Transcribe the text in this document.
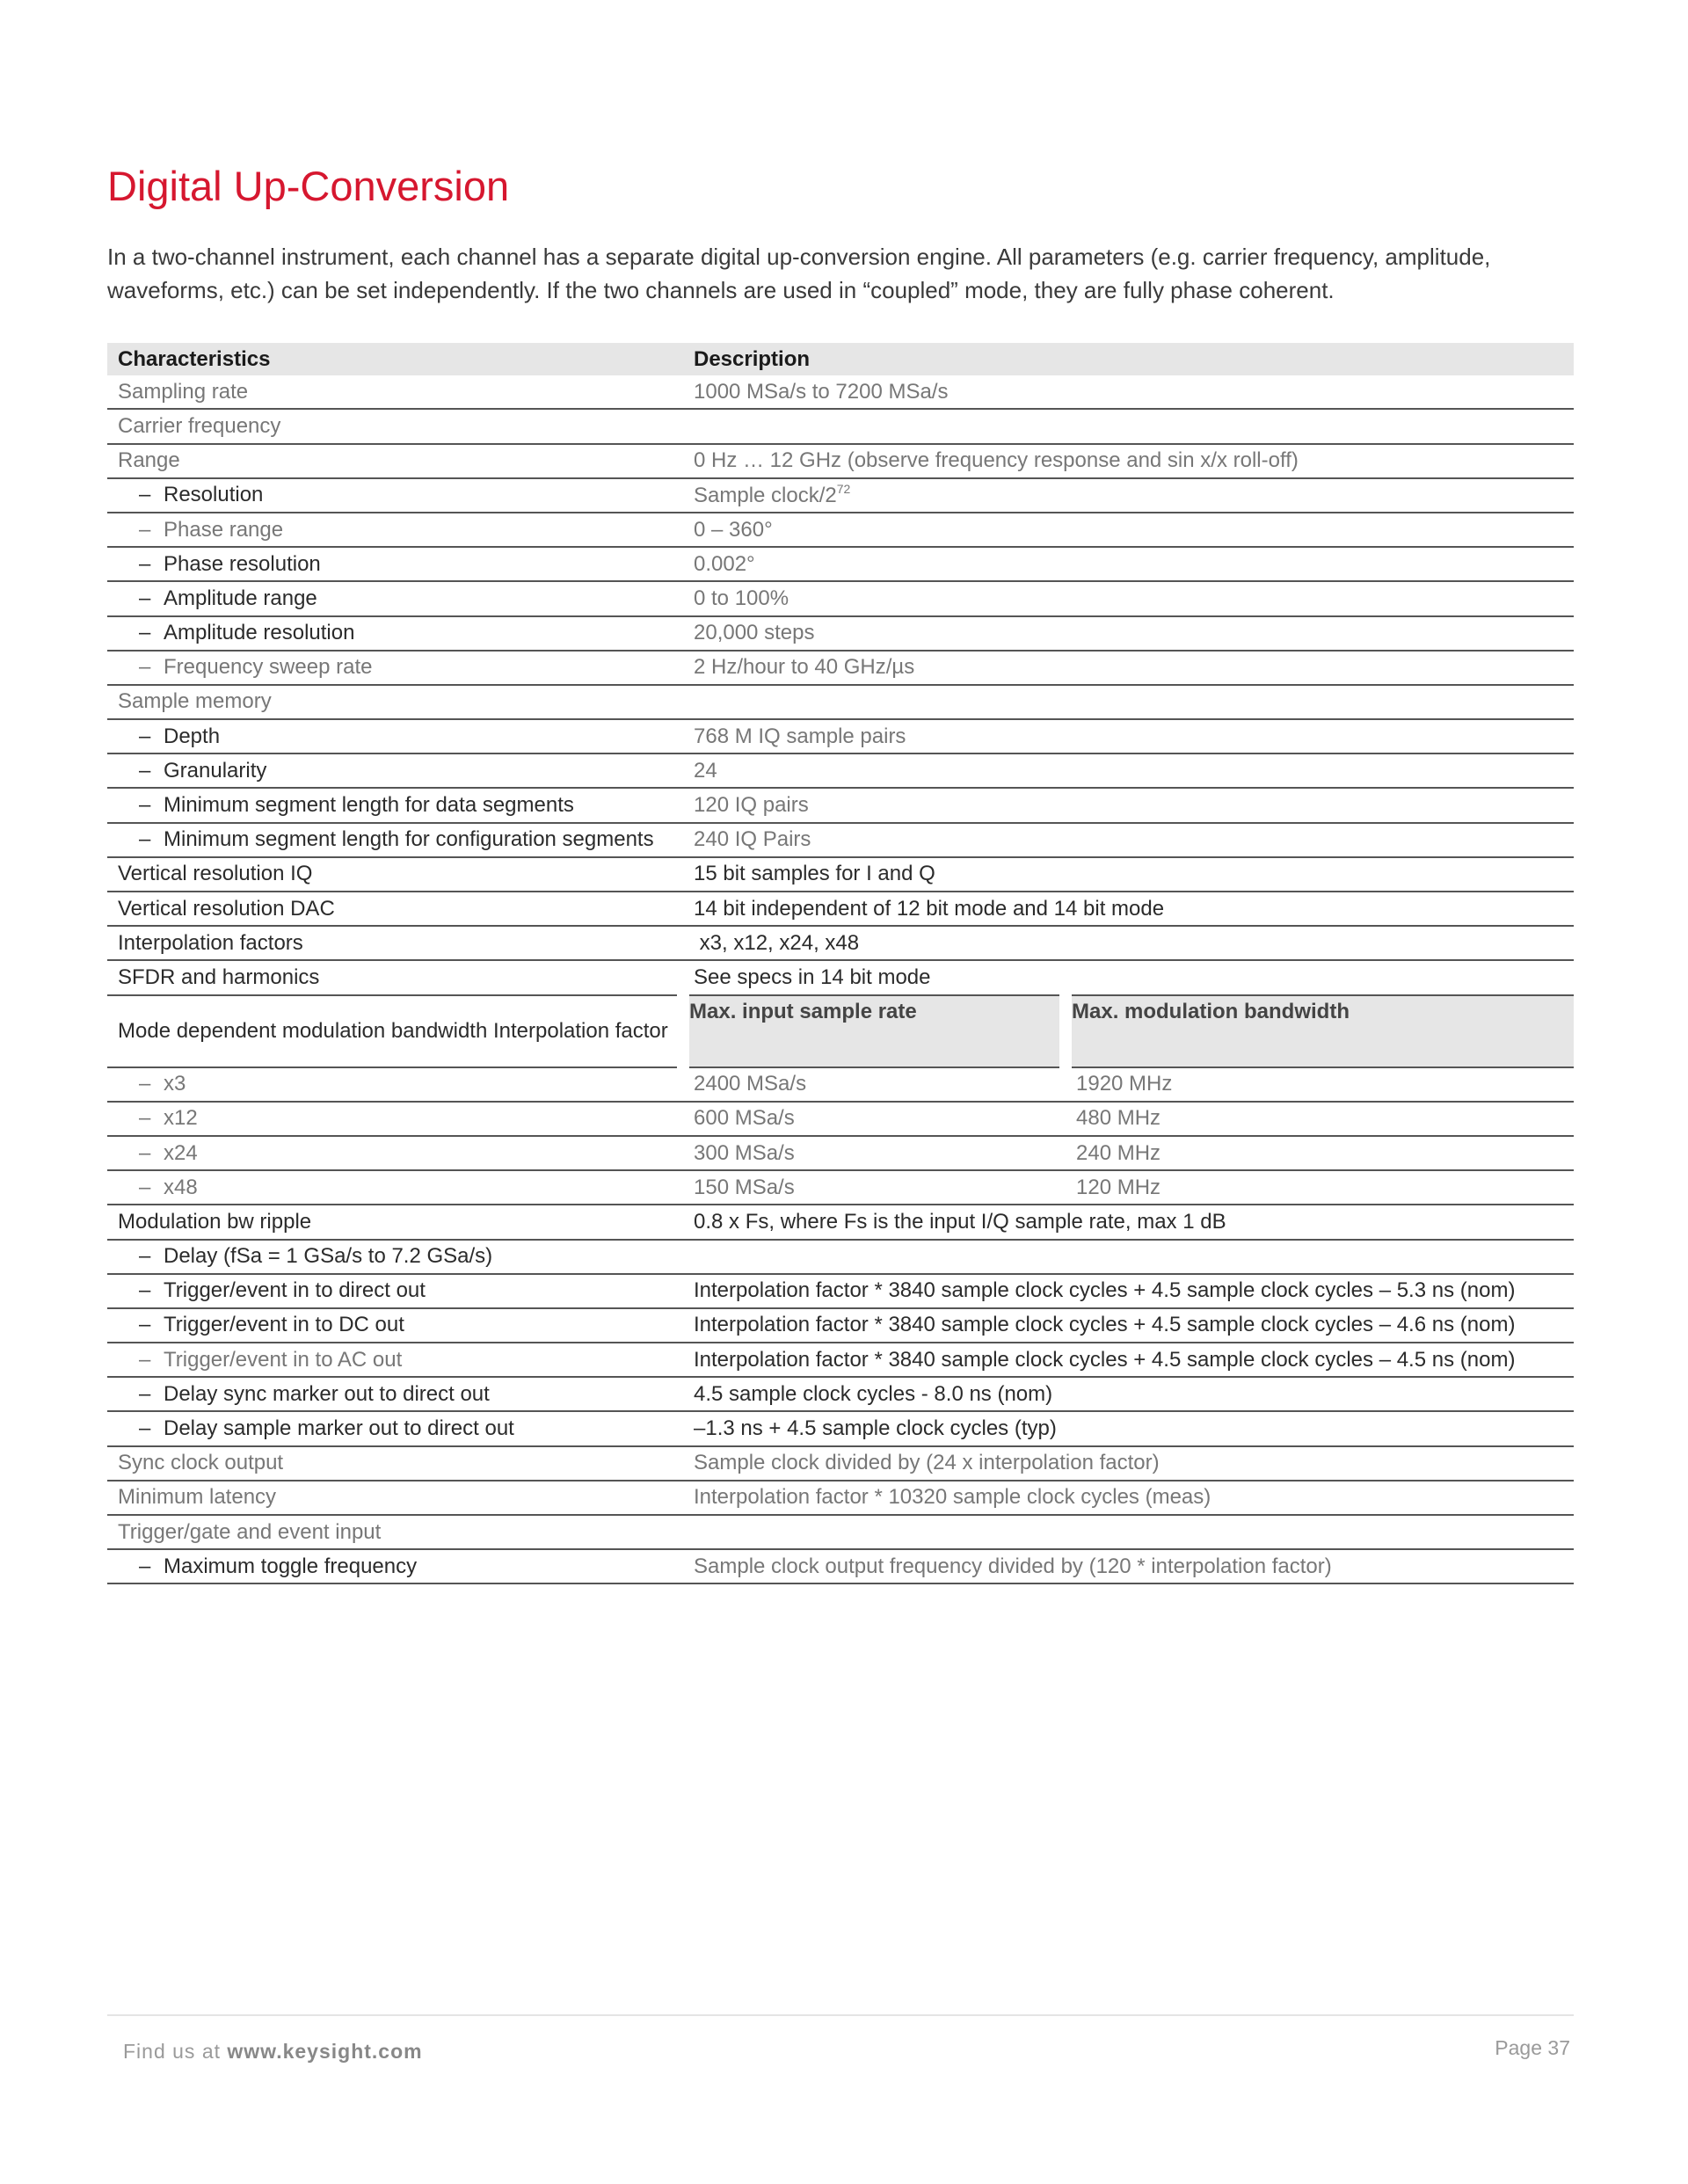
Digital Up-Conversion

In a two-channel instrument, each channel has a separate digital up-conversion engine. All parameters (e.g. carrier frequency, amplitude, waveforms, etc.) can be set independently. If the two channels are used in “coupled” mode, they are fully phase coherent.

Characteristics	Description	
Sampling rate	1000 MSa/s to 7200 MSa/s	
Carrier frequency		
Range	0 Hz … 12 GHz (observe frequency response and sin x/x roll-off)	
– Resolution	Sample clock/$2^{72}$
– Phase range	0 – 360°	
– Phase resolution	0.002°	
– Amplitude range	0 to 100%	
– Amplitude resolution	20,000 steps	
– Frequency sweep rate	2 Hz/hour to 40 GHz/µs	
Sample memory		
– Depth	768 M IQ sample pairs	
– Granularity	24	
– Minimum segment length for data segments	120 IQ pairs	
– Minimum segment length for configuration segments	240 IQ Pairs	
Vertical resolution IQ	15 bit samples for I and Q	
Vertical resolution DAC	14 bit independent of 12 bit mode and 14 bit mode	
Interpolation factors	x3, x12, x24, x48	
SFDR and harmonics	See specs in 14 bit mode	
Mode dependent modulation bandwidth Interpolation factor	Max. input sample rate	Max. modulation bandwidth
– x3	2400 MSa/s	1920 MHz
– x12	600 MSa/s	480 MHz
– x24	300 MSa/s	240 MHz
– x48	150 MSa/s	120 MHz
Modulation bw ripple	0.8 x Fs, where Fs is the input I/Q sample rate, max 1 dB	
– Delay (fSa = 1 GSa/s to 7.2 GSa/s)	
– Trigger/event in to direct out	Interpolation factor * 3840 sample clock cycles + 4.5 sample clock cycles – 5.3 ns (nom)	
– Trigger/event in to DC out	Interpolation factor * 3840 sample clock cycles + 4.5 sample clock cycles – 4.6 ns (nom)	
– Trigger/event in to AC out	Interpolation factor * 3840 sample clock cycles + 4.5 sample clock cycles – 4.5 ns (nom)	
– Delay sync marker out to direct out	4.5 sample clock cycles - 8.0 ns (nom)	
– Delay sample marker out to direct out	–1.3 ns + 4.5 sample clock cycles (typ)	
Sync clock output	Sample clock divided by (24 x interpolation factor)	
Minimum latency	Interpolation factor * 10320 sample clock cycles (meas)	
Trigger/gate and event input		
– Maximum toggle frequency	Sample clock output frequency divided by (120 * interpolation factor)	
Find us at www.keysight.com	Page 37
